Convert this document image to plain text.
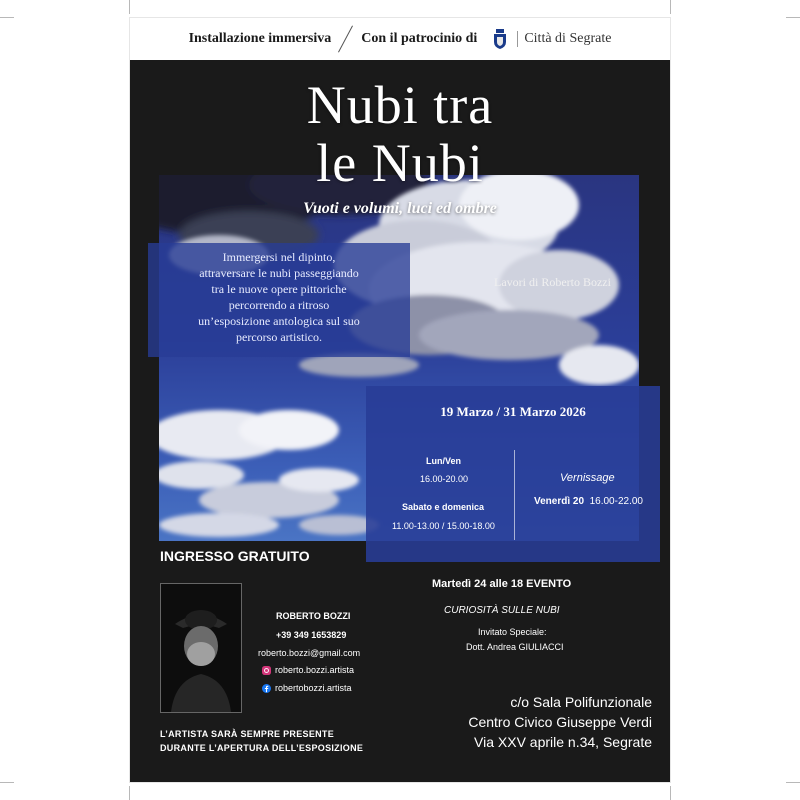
Installazione immersiva Con il patrocinio di	Città di Segrate
Nubi tra
le Nubi
Vuoti e volumi, luci ed ombre
Immergersi nel dipinto,
attraversare le nubi passeggiando
tra le nuove opere pittoriche
percorrendo a ritroso
un’esposizione antologica sul suo
percorso artistico.
Lavori di Roberto Bozzi
19 Marzo / 31 Marzo 2026
Lun/Ven
16.00-20.00
Sabato e domenica
11.00-13.00 / 15.00-18.00
Vernissage
Venerdì 20 16.00-22.00
INGRESSO GRATUITO
ROBERTO BOZZI
+39 349 1653829
roberto.bozzi@gmail.com
roberto.bozzi.artista
robertobozzi.artista
L’ARTISTA SARÀ SEMPRE PRESENTE
DURANTE L’APERTURA DELL’ESPOSIZIONE
Martedì 24 alle 18 EVENTO
CURIOSITÀ SULLE NUBI
Invitato Speciale:
Dott. Andrea GIULIACCI
c/o Sala Polifunzionale
Centro Civico Giuseppe Verdi
Via XXV aprile n.34, Segrate
